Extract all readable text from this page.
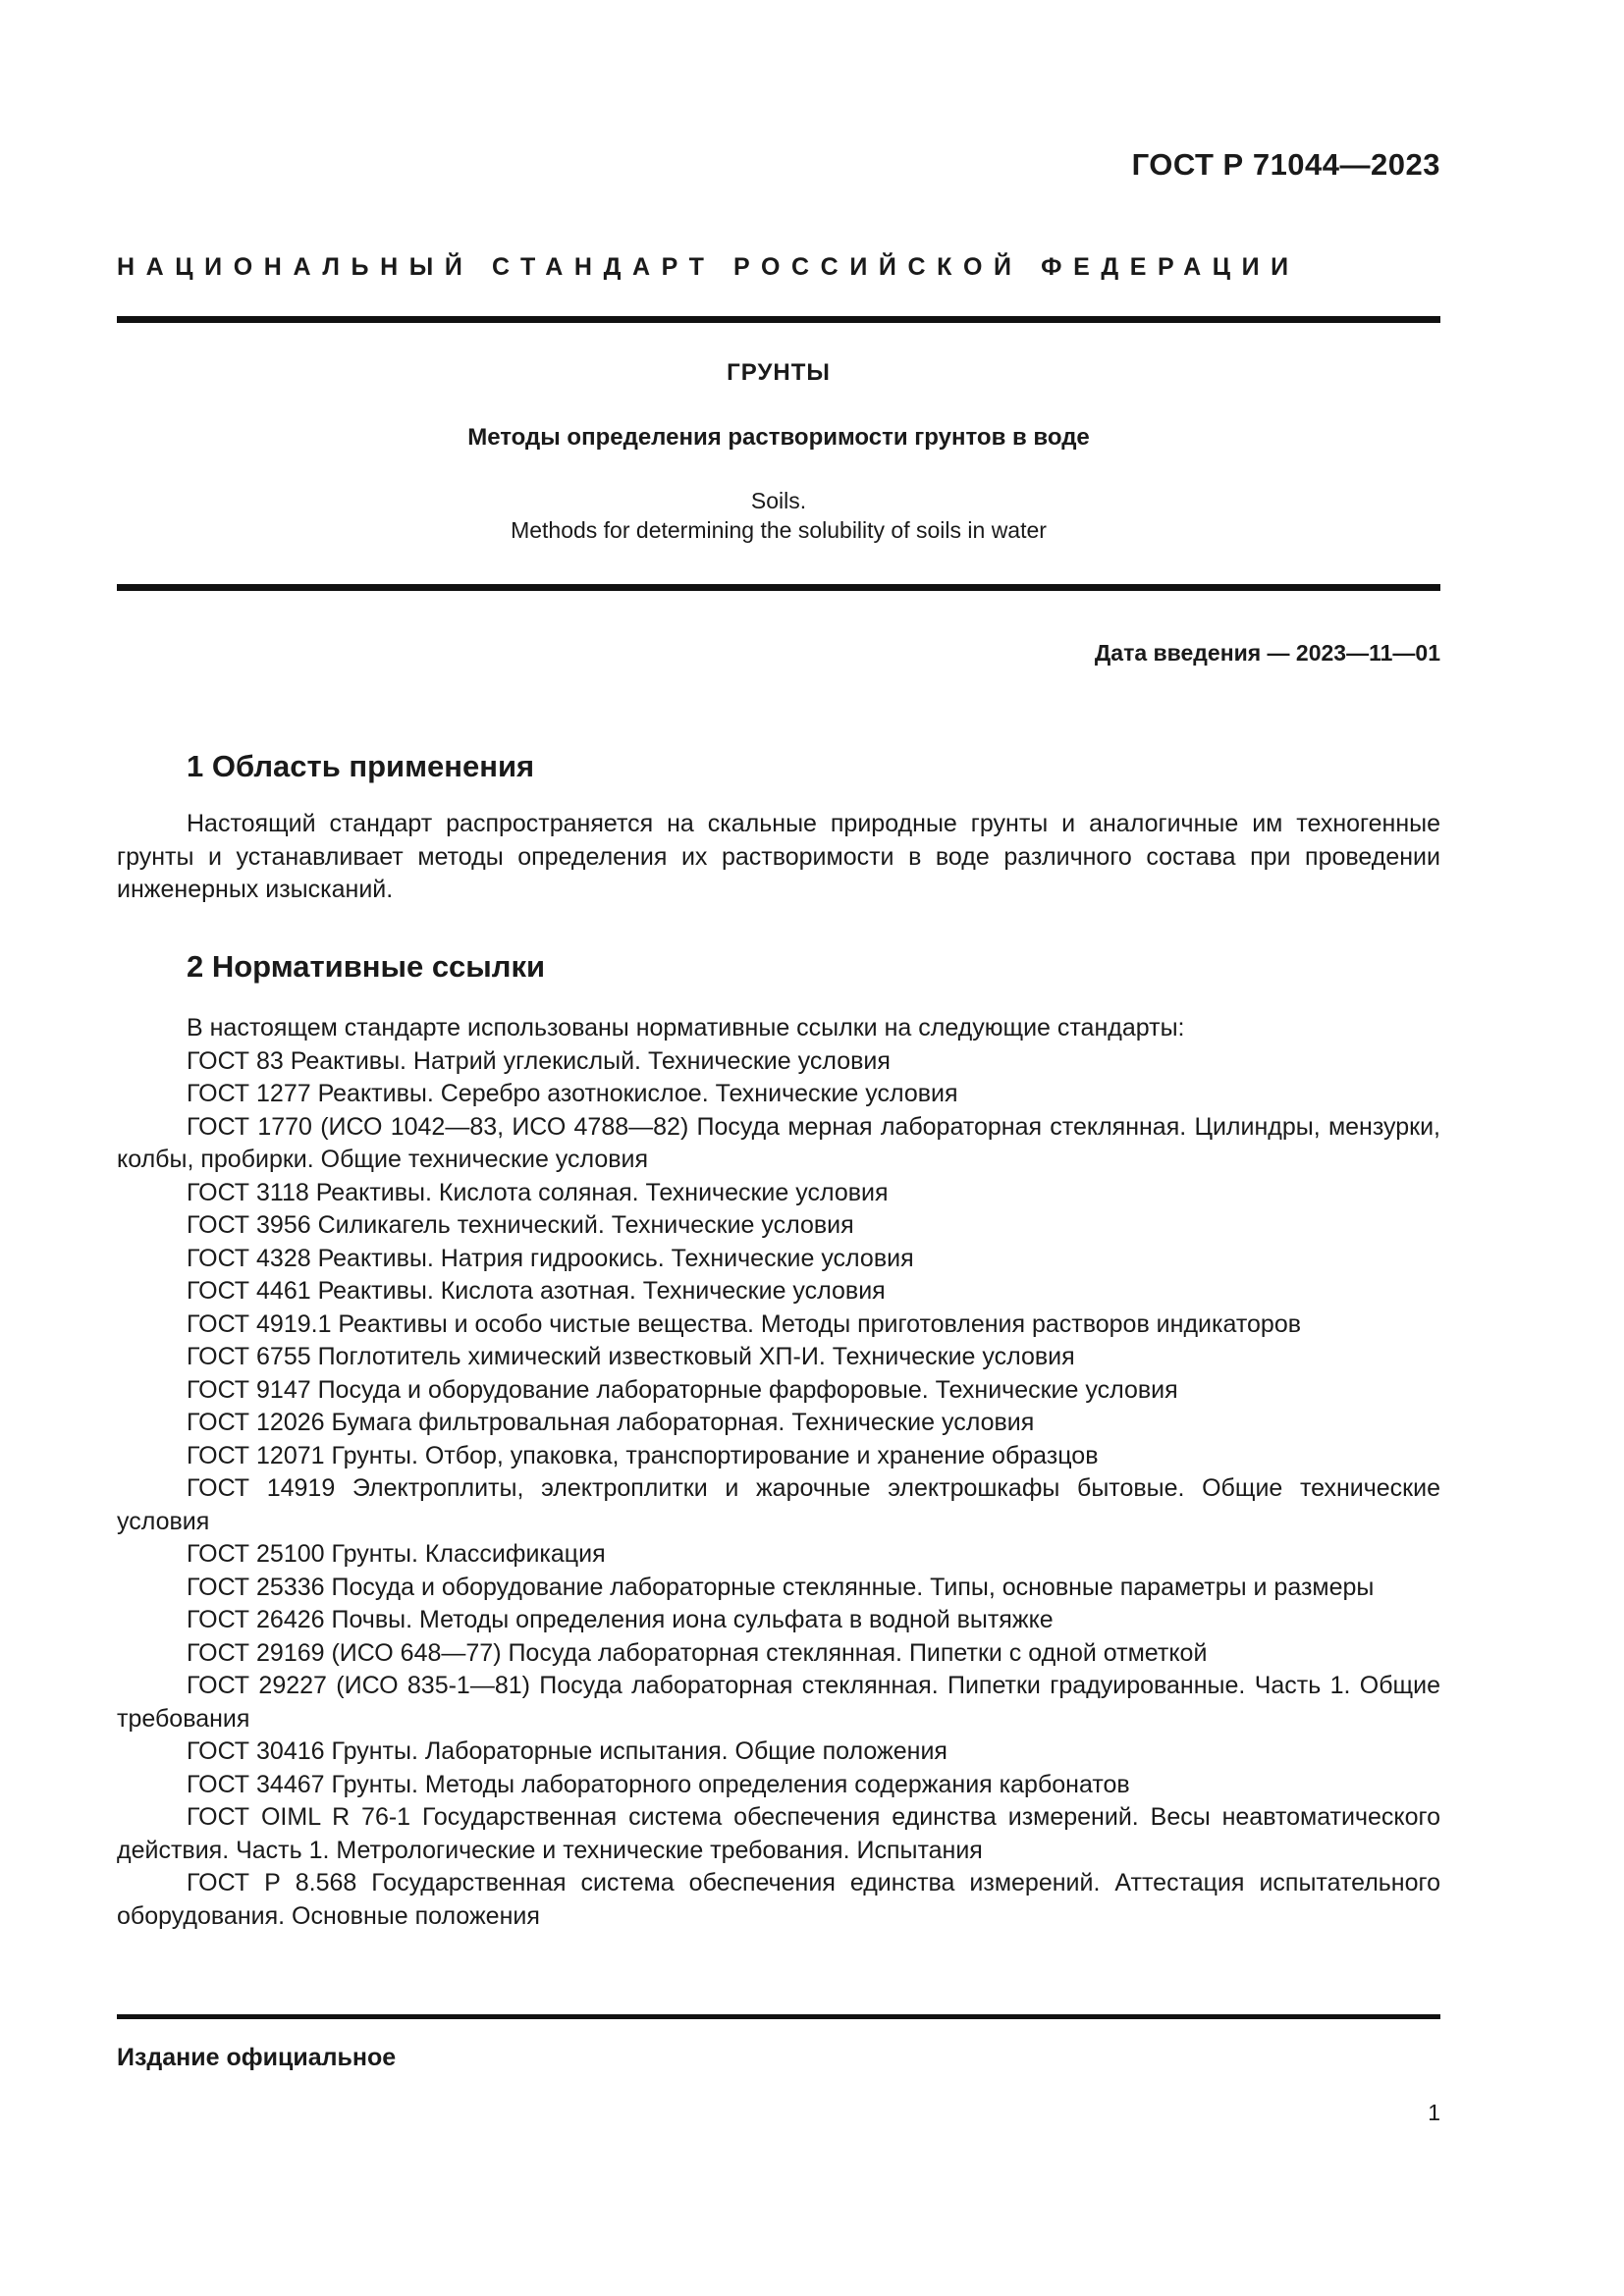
ГОСТ Р 71044—2023
НАЦИОНАЛЬНЫЙ СТАНДАРТ РОССИЙСКОЙ ФЕДЕРАЦИИ
ГРУНТЫ
Методы определения растворимости грунтов в воде
Soils.
Methods for determining the solubility of soils in water
Дата введения — 2023—11—01
1 Область применения

Настоящий стандарт распространяется на скальные природные грунты и аналогичные им техногенные грунты и устанавливает методы определения их растворимости в воде различного состава при проведении инженерных изысканий.

2 Нормативные ссылки

В настоящем стандарте использованы нормативные ссылки на следующие стандарты:

ГОСТ 83 Реактивы. Натрий углекислый. Технические условия

ГОСТ 1277 Реактивы. Серебро азотнокислое. Технические условия

ГОСТ 1770 (ИСО 1042—83, ИСО 4788—82) Посуда мерная лабораторная стеклянная. Цилиндры, мензурки, колбы, пробирки. Общие технические условия

ГОСТ 3118 Реактивы. Кислота соляная. Технические условия

ГОСТ 3956 Силикагель технический. Технические условия

ГОСТ 4328 Реактивы. Натрия гидроокись. Технические условия

ГОСТ 4461 Реактивы. Кислота азотная. Технические условия

ГОСТ 4919.1 Реактивы и особо чистые вещества. Методы приготовления растворов индикаторов

ГОСТ 6755 Поглотитель химический известковый ХП-И. Технические условия

ГОСТ 9147 Посуда и оборудование лабораторные фарфоровые. Технические условия

ГОСТ 12026 Бумага фильтровальная лабораторная. Технические условия

ГОСТ 12071 Грунты. Отбор, упаковка, транспортирование и хранение образцов

ГОСТ 14919 Электроплиты, электроплитки и жарочные электрошкафы бытовые. Общие технические условия

ГОСТ 25100 Грунты. Классификация

ГОСТ 25336 Посуда и оборудование лабораторные стеклянные. Типы, основные параметры и размеры

ГОСТ 26426 Почвы. Методы определения иона сульфата в водной вытяжке

ГОСТ 29169 (ИСО 648—77) Посуда лабораторная стеклянная. Пипетки с одной отметкой

ГОСТ 29227 (ИСО 835-1—81) Посуда лабораторная стеклянная. Пипетки градуированные. Часть 1. Общие требования

ГОСТ 30416 Грунты. Лабораторные испытания. Общие положения

ГОСТ 34467 Грунты. Методы лабораторного определения содержания карбонатов

ГОСТ OIML R 76-1 Государственная система обеспечения единства измерений. Весы неавтоматического действия. Часть 1. Метрологические и технические требования. Испытания

ГОСТ Р 8.568 Государственная система обеспечения единства измерений. Аттестация испытательного оборудования. Основные положения

Издание официальное
1
